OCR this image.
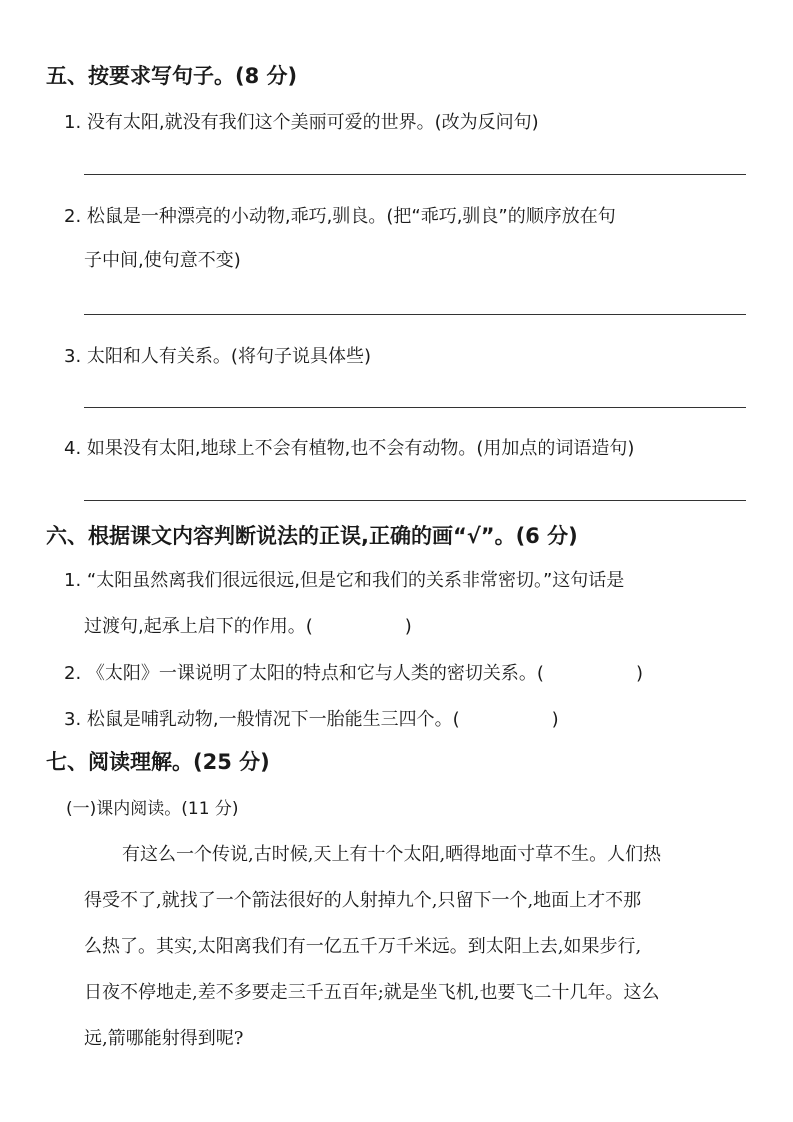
五、按要求写句子。(8 分)
1. 没有太阳,就没有我们这个美丽可爱的世界。(改为反问句)
2. 松鼠是一种漂亮的小动物,乖巧,驯良。(把“乖巧,驯良”的顺序放在句
子中间,使句意不变)
3. 太阳和人有关系。(将句子说具体些)
4. 如果没有太阳,地球上不会有植物,也不会有动物。(用加点的词语造句)
六、根据课文内容判断说法的正误,正确的画“√”。(6 分)
1. “太阳虽然离我们很远很远,但是它和我们的关系非常密切。”这句话是
过渡句,起承上启下的作用。(	)
2. 《太阳》一课说明了太阳的特点和它与人类的密切关系。(	)
3. 松鼠是哺乳动物,一般情况下一胎能生三四个。(	)
七、阅读理解。(25 分)
(一)课内阅读。(11 分)
有这么一个传说,古时候,天上有十个太阳,晒得地面寸草不生。人们热
得受不了,就找了一个箭法很好的人射掉九个,只留下一个,地面上才不那
么热了。其实,太阳离我们有一亿五千万千米远。到太阳上去,如果步行,
日夜不停地走,差不多要走三千五百年;就是坐飞机,也要飞二十几年。这么
远,箭哪能射得到呢?
